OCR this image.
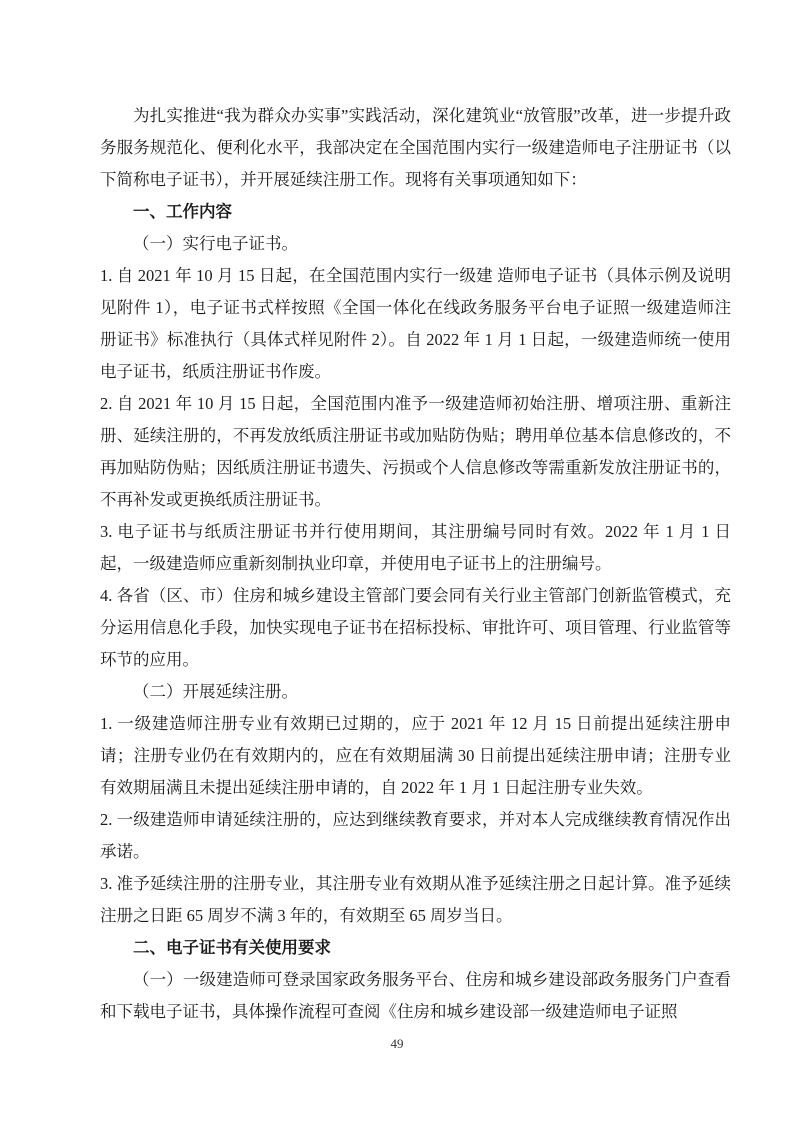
为扎实推进“我为群众办实事”实践活动，深化建筑业“放管服”改革，进一步提升政务服务规范化、便利化水平，我部决定在全国范围内实行一级建造师电子注册证书（以下简称电子证书），并开展延续注册工作。现将有关事项通知如下：

一、工作内容

（一）实行电子证书。

1. 自 2021 年 10 月 15 日起，在全国范围内实行一级建 造师电子证书（具体示例及说明见附件 1），电子证书式样按照《全国一体化在线政务服务平台电子证照一级建造师注册证书》标准执行（具体式样见附件 2）。自 2022 年 1 月 1 日起，一级建造师统一使用电子证书，纸质注册证书作废。

2. 自 2021 年 10 月 15 日起，全国范围内准予一级建造师初始注册、增项注册、重新注册、延续注册的，不再发放纸质注册证书或加贴防伪贴；聘用单位基本信息修改的，不再加贴防伪贴；因纸质注册证书遗失、污损或个人信息修改等需重新发放注册证书的，不再补发或更换纸质注册证书。

3. 电子证书与纸质注册证书并行使用期间，其注册编号同时有效。2022 年 1 月 1 日起，一级建造师应重新刻制执业印章，并使用电子证书上的注册编号。

4. 各省（区、市）住房和城乡建设主管部门要会同有关行业主管部门创新监管模式，充分运用信息化手段，加快实现电子证书在招标投标、审批许可、项目管理、行业监管等环节的应用。

（二）开展延续注册。

1. 一级建造师注册专业有效期已过期的，应于 2021 年 12 月 15 日前提出延续注册申请；注册专业仍在有效期内的，应在有效期届满 30 日前提出延续注册申请；注册专业有效期届满且未提出延续注册申请的，自 2022 年 1 月 1 日起注册专业失效。

2. 一级建造师申请延续注册的，应达到继续教育要求，并对本人完成继续教育情况作出承诺。

3. 准予延续注册的注册专业，其注册专业有效期从准予延续注册之日起计算。准予延续注册之日距 65 周岁不满 3 年的，有效期至 65 周岁当日。

二、电子证书有关使用要求

（一）一级建造师可登录国家政务服务平台、住房和城乡建设部政务服务门户查看和下载电子证书，具体操作流程可查阅《住房和城乡建设部一级建造师电子证照

49
